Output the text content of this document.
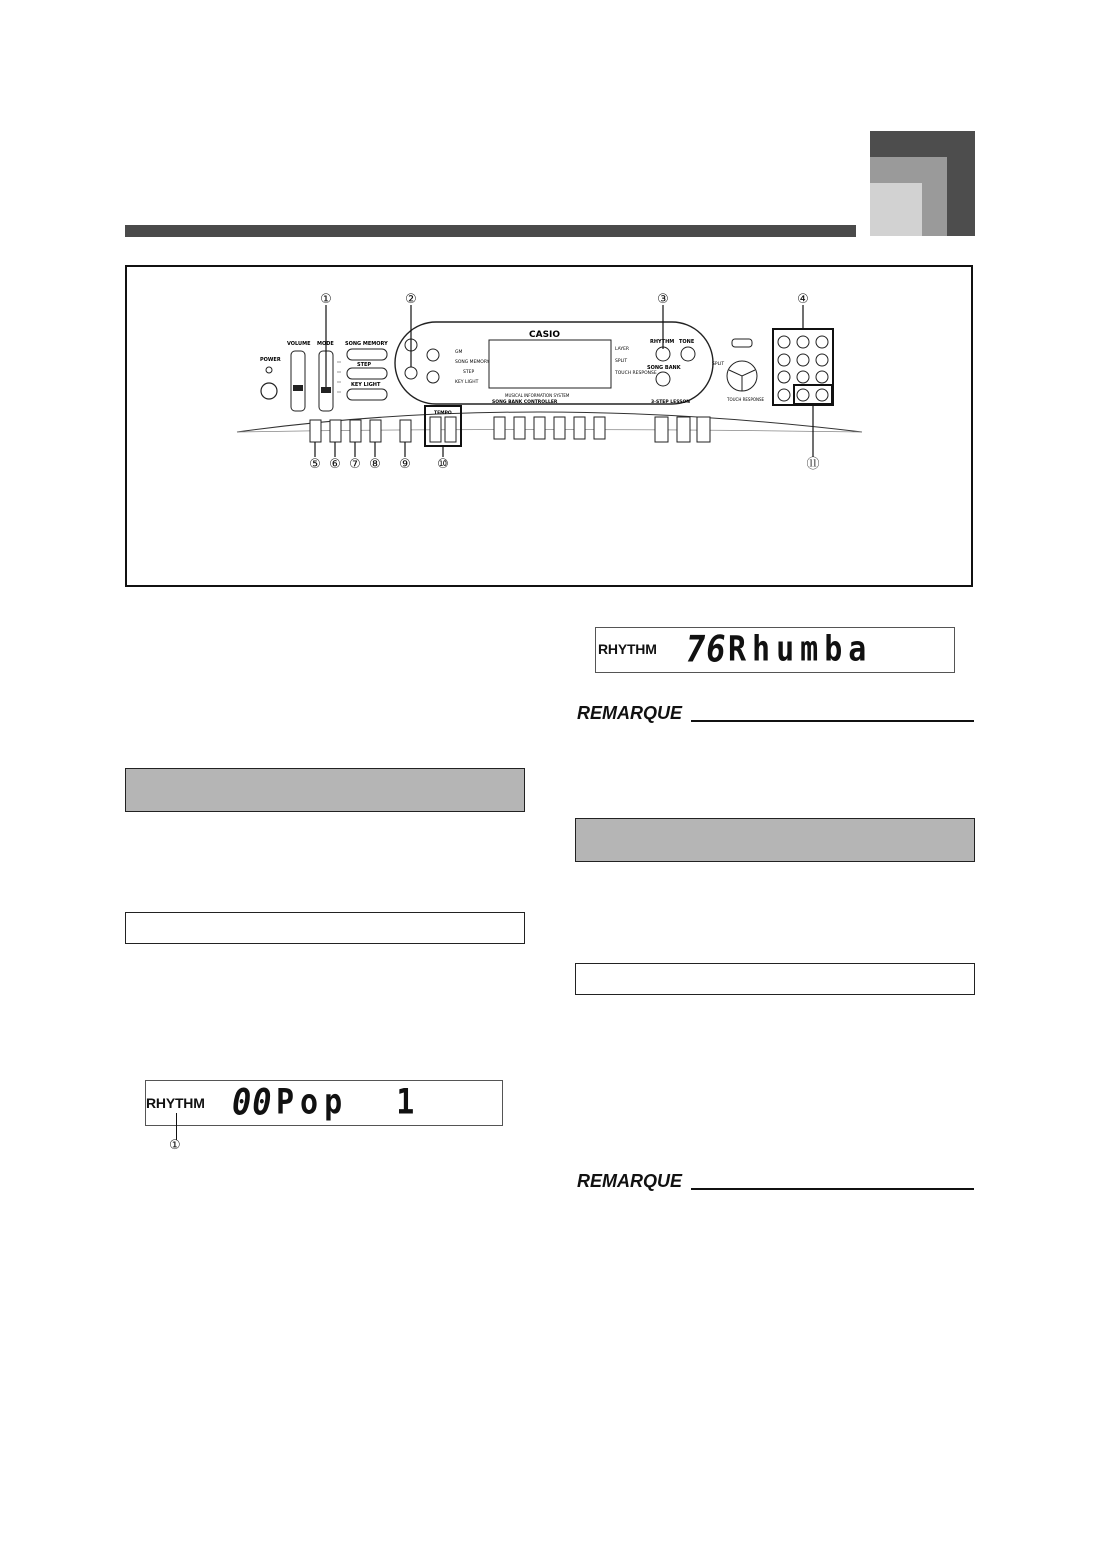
POWER
VOLUME MODE SONG MEMORY
STEP
KEY LIGHT
CASIO
GM
SONG MEMORY
STEP
KEY LIGHT
LAYER
SPLIT
TOUCH RESPONSE
MUSICAL INFORMATION SYSTEM
RHYTHM TONE
SONG BANK
SPLIT
TOUCH RESPONSE
TEMPO
SONG BANK CONTROLLER	3-STEP LESSON
①	②	③	④
⑤ ⑥ ⑦ ⑧ ⑨ ⑩	⑪
RHYTHM 76 Rhumba
REMARQUE
RHYTHM 00 Pop  1
①
REMARQUE
